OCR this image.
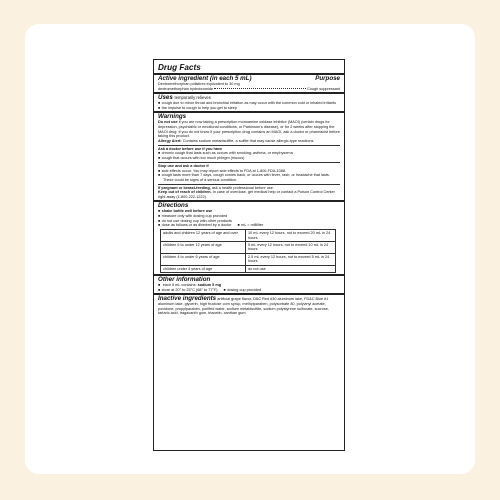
Drug Facts
Active ingredient (in each 5 mL)	Purpose
Dextromethorphan polistirex equivalent to 30 mg
dextromethorphan hydrobromide	Cough suppressant
Uses temporarily relieves
■ cough due to minor throat and bronchial irritation as may occur with the common cold or inhaled irritants
■ the impulse to cough to help you get to sleep
Warnings
Do not use if you are now taking a prescription monoamine oxidase inhibitor (MAOI) (certain drugs for depression, psychiatric or emotional conditions, or Parkinson's disease), or for 2 weeks after stopping the MAOI drug. If you do not know if your prescription drug contains an MAOI, ask a doctor or pharmacist before taking this product.
Allergy Alert: Contains sodium metabisulfite, a sulfite that may cause allergic-type reactions.
Ask a doctor before use if you have
■ chronic cough that lasts such as occurs with smoking, asthma, or emphysema
■ cough that occurs with too much phlegm (mucus)
Stop use and ask a doctor if
■ side effects occur. You may report side effects to FDA at 1-800-FDA-1088.
■ cough lasts more than 7 days, cough comes back, or occurs with fever, rash, or headache that lasts. These could be signs of a serious condition.
If pregnant or breast-feeding, ask a health professional before use.
Keep out of reach of children. In case of overdose, get medical help or contact a Poison Control Center right away (1-800-222-1222).
Directions
■ shake bottle well before use
■ measure only with dosing cup provided
■ do not use dosing cup with other products
■ dose as follows or as directed by a doctor	■ mL = milliliter
adults and children 12 years of age and over	10 mL every 12 hours, not to exceed 20 mL in 24 hours
children 6 to under 12 years of age	5 mL every 12 hours, not to exceed 10 mL in 24 hours
children 4 to under 6 years of age	2.5 mL every 12 hours, not to exceed 5 mL in 24 hours
children under 4 years of age	do not use
Other information
■ each 5 mL contains: sodium 5 mg
■ store at 20° to 25°C (68° to 77°F)	■ dosing cup provided
Inactive ingredients artificial grape flavor, D&C Red #30 aluminum lake, FD&C Blue #1 aluminum lake, glycerin, high fructose corn syrup, methylparaben, polysorbate 80, polyvinyl acetate, povidone, propylparaben, purified water, sodium metabisulfite, sodium polystyrene sulfonate, sucrose, tartaric acid, tragacanth gum, triacetin, xanthan gum
